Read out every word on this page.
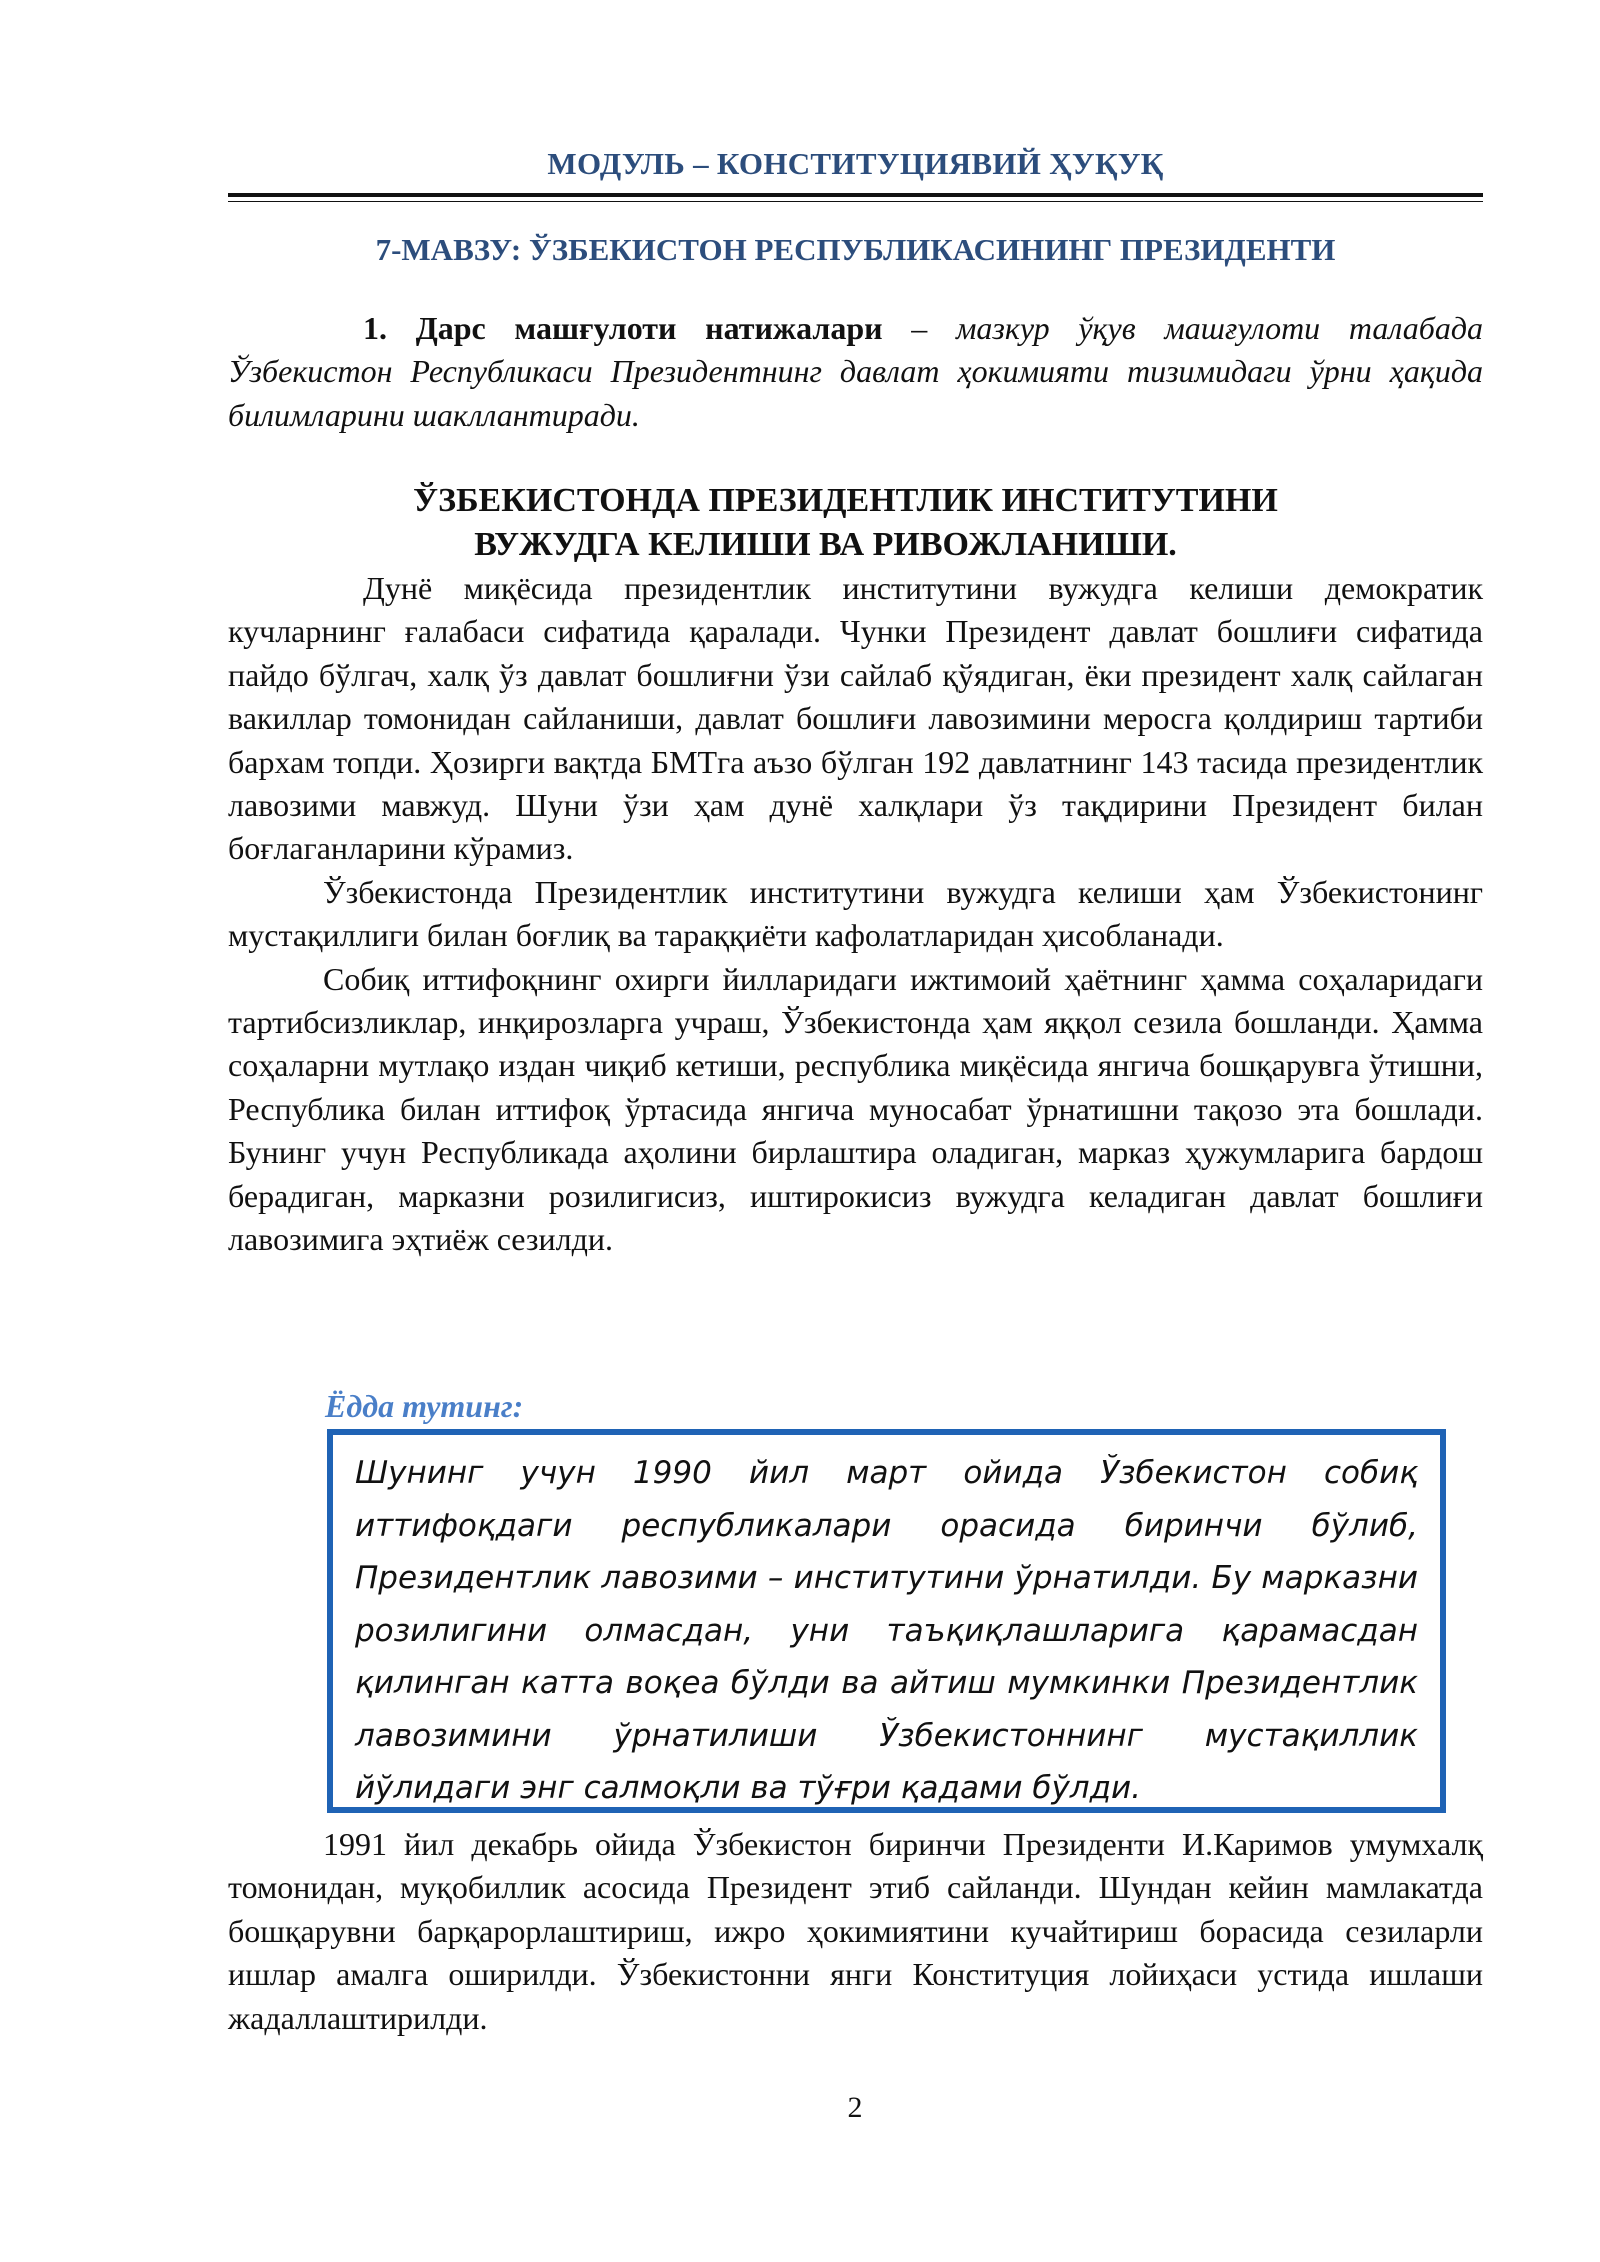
МОДУЛЬ – КОНСТИТУЦИЯВИЙ ҲУҚУҚ
7-МАВЗУ: ЎЗБЕКИСТОН РЕСПУБЛИКАСИНИНГ ПРЕЗИДЕНТИ

1. Дарс машғулоти натижалари – мазкур ўқув машғулоти талабада Ўзбекистон Республикаси Президентнинг давлат ҳокимияти тизимидаги ўрни ҳақида билимларини шакллантиради.

ЎЗБЕКИСТОНДА ПРЕЗИДЕНТЛИК ИНСТИТУТИНИ
ВУЖУДГА КЕЛИШИ ВА РИВОЖЛАНИШИ.

Дунё миқёсида президентлик институтини вужудга келиши демократик кучларнинг ғалабаси сифатида қаралади. Чунки Президент давлат бошлиғи сифатида пайдо бўлгач, халқ ўз давлат бошлиғни ўзи сайлаб қўядиган, ёки президент халқ сайлаган вакиллар томонидан сайланиши, давлат бошлиғи лавозимини меросга қолдириш тартиби бархам топди. Ҳозирги вақтда БМТга аъзо бўлган 192 давлатнинг 143 тасида президентлик лавозими мавжуд. Шуни ўзи ҳам дунё халқлари ўз тақдирини Президент билан боғлаганларини кўрамиз.

Ўзбекистонда Президентлик институтини вужудга келиши ҳам Ўзбекистонинг мустақиллиги билан боғлиқ ва тараққиёти кафолатларидан ҳисобланади.

Собиқ иттифоқнинг охирги йилларидаги ижтимоий ҳаётнинг ҳамма соҳаларидаги тартибсизликлар, инқирозларга учраш, Ўзбекистонда ҳам яққол сезила бошланди. Ҳамма соҳаларни мутлақо издан чиқиб кетиши, республика миқёсида янгича бошқарувга ўтишни, Республика билан иттифоқ ўртасида янгича муносабат ўрнатишни тақозо эта бошлади. Бунинг учун Республикада аҳолини бирлаштира оладиган, марказ ҳужумларига бардош берадиган, марказни розилигисиз, иштирокисиз вужудга келадиган давлат бошлиғи лавозимига эҳтиёж сезилди.

Ёдда тутинг:

Шунинг учун 1990 йил март ойида Ўзбекистон собиқ иттифоқдаги республикалари орасида биринчи бўлиб, Президентлик лавозими – институтини ўрнатилди. Бу марказни розилигини олмасдан, уни таъқиқлашларига қарамасдан қилинган катта воқеа бўлди ва айтиш мумкинки Президентлик лавозимини ўрнатилиши Ўзбекистоннинг мустақиллик йўлидаги энг салмоқли ва тўғри қадами бўлди.

1991 йил декабрь ойида Ўзбекистон биринчи Президенти И.Каримов умумхалқ томонидан, муқобиллик асосида Президент этиб сайланди. Шундан кейин мамлакатда бошқарувни барқарорлаштириш, ижро ҳокимиятини кучайтириш борасида сезиларли ишлар амалга оширилди. Ўзбекистонни янги Конституция лойиҳаси устида ишлаши жадаллаштирилди.

2
